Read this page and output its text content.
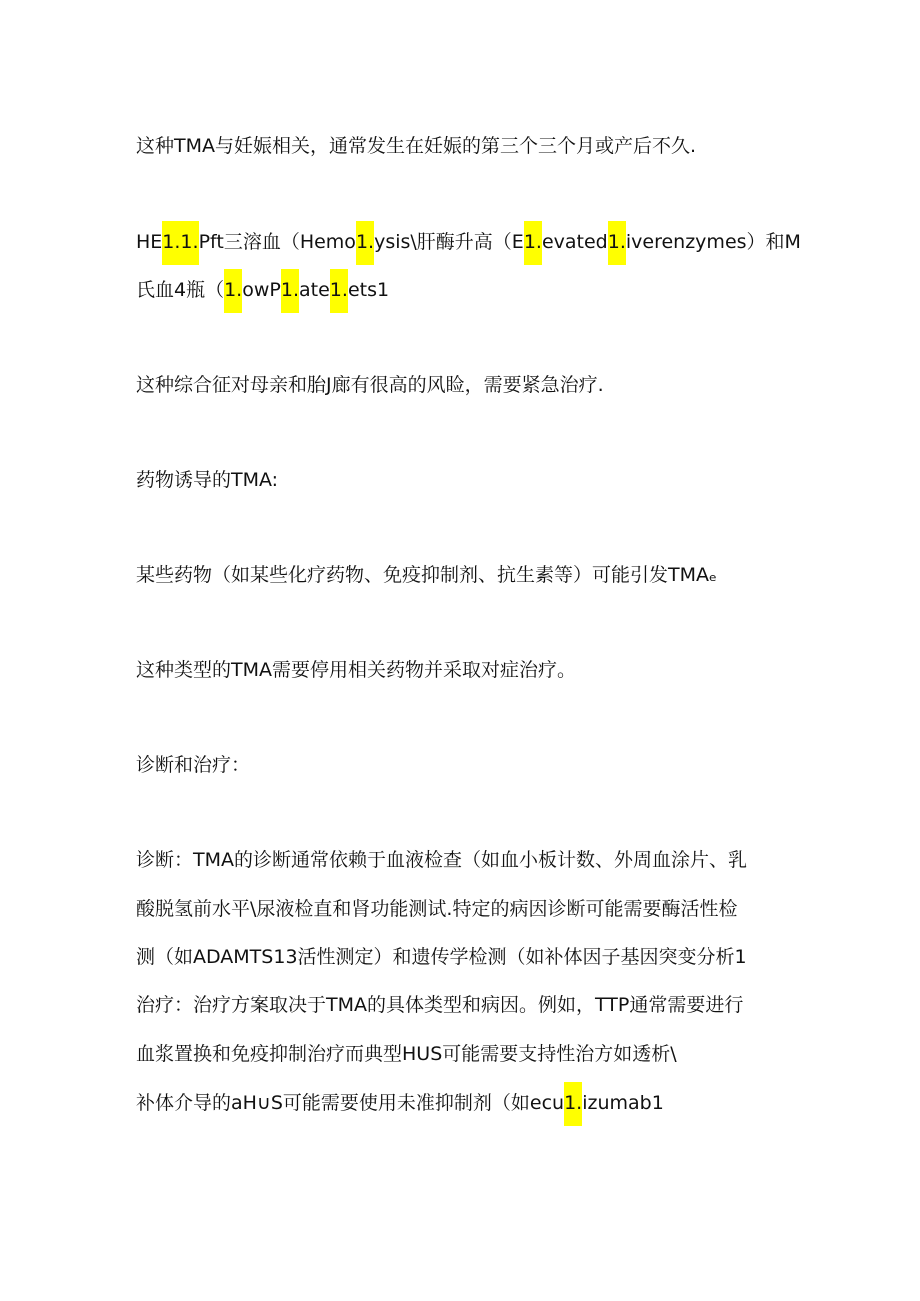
这种TMA与妊娠相关，通常发生在妊娠的第三个三个月或产后不久.
HE1.1.Pft三溶血（Hemo1.ysis\肝酶升高（E1.evated1.iverenzymes）和M
氏血4瓶（1.owP1.ate1.ets1
这种综合征对母亲和胎J廊有很高的风睑，需要紧急治疗.
药物诱导的TMA:
某些药物（如某些化疗药物、免疫抑制剂、抗生素等）可能引发TMAₑ
这种类型的TMA需要停用相关药物并采取对症治疗。
诊断和治疗：
诊断：TMA的诊断通常依赖于血液检查（如血小板计数、外周血涂片、乳
酸脱氢前水平\尿液检直和肾功能测试.特定的病因诊断可能需要酶活性检
测（如ADAMTS13活性测定）和遗传学检测（如补体因子基因突变分析1
治疗：治疗方案取决于TMA的具体类型和病因。例如，TTP通常需要进行
血浆置换和免疫抑制治疗而典型HUS可能需要支持性治方如透析\
补体介导的aH∪S可能需要使用未准抑制剂（如ecu1.izumab1
